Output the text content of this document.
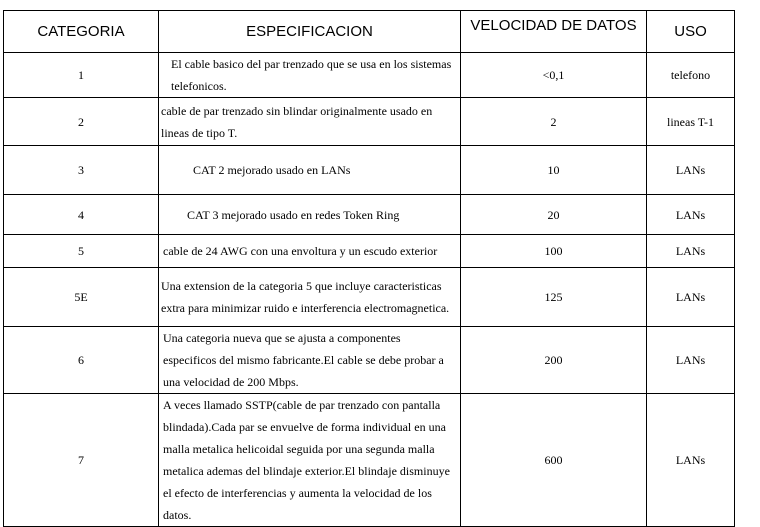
CATEGORIA	ESPECIFICACION	VELOCIDAD DE DATOS	USO
1	El cable basico del par trenzado que se usa en los sistemas telefonicos.	<0,1	telefono
2	cable de par trenzado sin blindar originalmente usado en lineas de tipo T.	2	lineas T-1
3	CAT 2 mejorado usado en LANs	10	LANs
4	CAT 3 mejorado usado en redes Token Ring	20	LANs
5	cable de 24 AWG con una envoltura y un escudo exterior	100	LANs
5E	Una extension de la categoria 5 que incluye caracteristicas extra para minimizar ruido e interferencia electromagnetica.	125	LANs
6	Una categoria nueva que se ajusta a componentes especificos del mismo fabricante.El cable se debe probar a una velocidad de 200 Mbps.	200	LANs
7	A veces llamado SSTP(cable de par trenzado con pantalla blindada).Cada par se envuelve de forma individual en una malla metalica helicoidal seguida por una segunda malla metalica ademas del blindaje exterior.El blindaje disminuye el efecto de interferencias y aumenta la velocidad de los datos.	600	LANs
